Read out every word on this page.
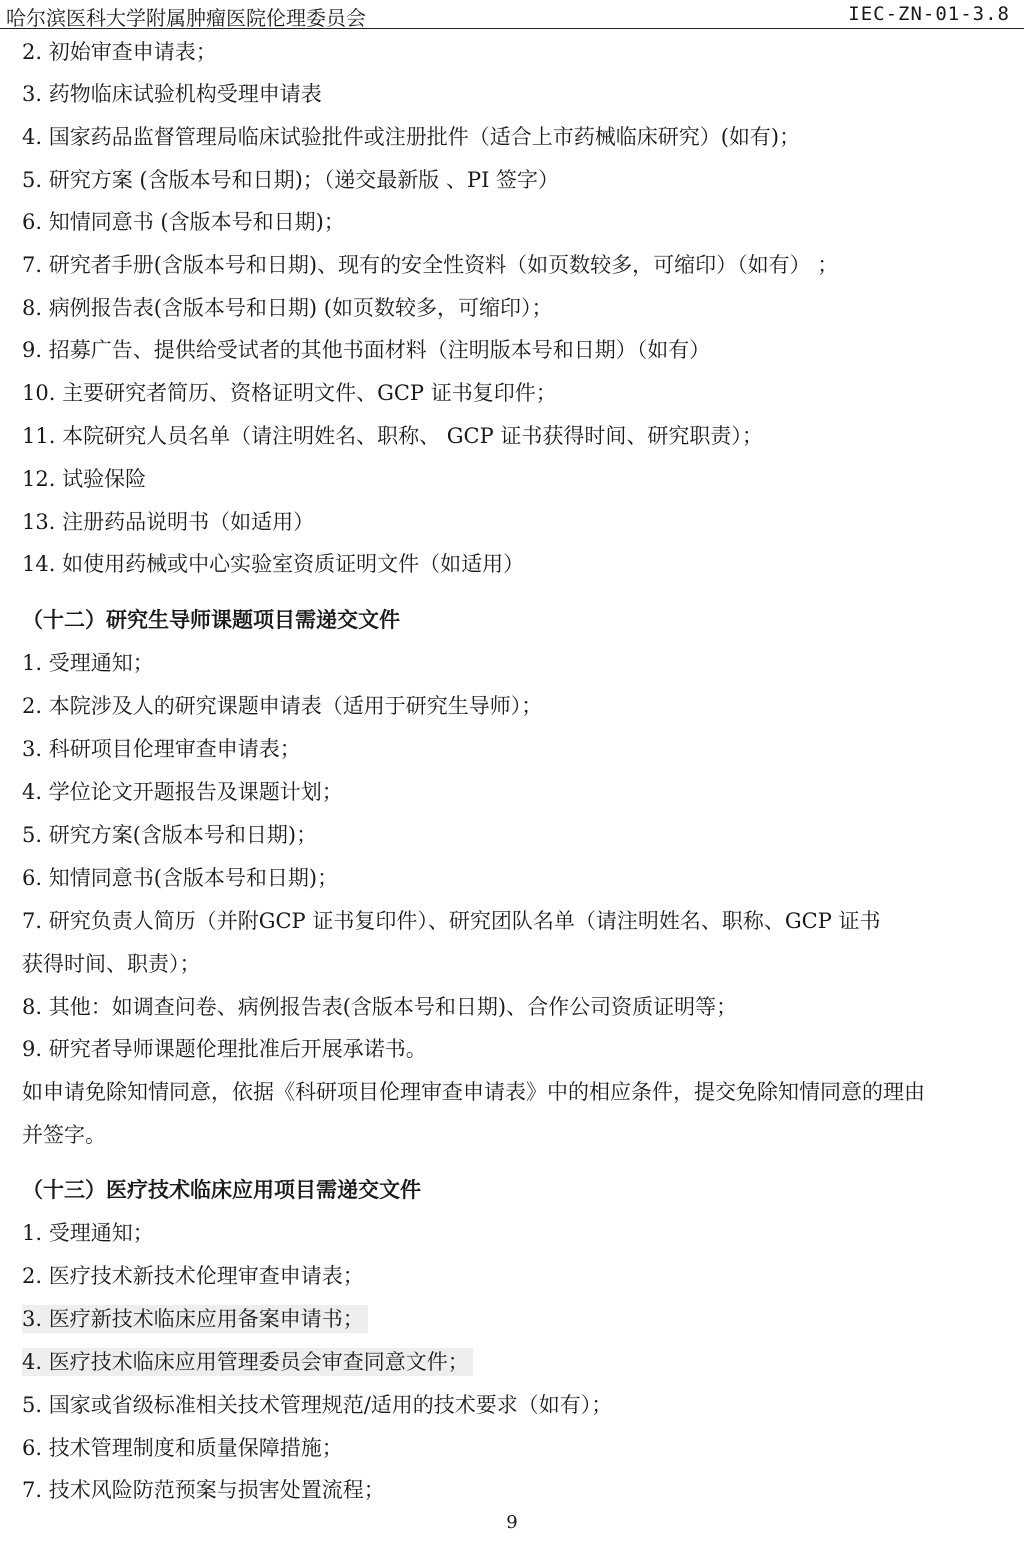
哈尔滨医科大学附属肿瘤医院伦理委员会	IEC-ZN-01-3.8
2. 初始审查申请表；
3. 药物临床试验机构受理申请表
4. 国家药品监督管理局临床试验批件或注册批件（适合上市药械临床研究）(如有)；
5. 研究方案 (含版本号和日期)；（递交最新版 、PI 签字）
6. 知情同意书 (含版本号和日期)；
7. 研究者手册(含版本号和日期)、现有的安全性资料（如页数较多，可缩印）（如有） ；
8. 病例报告表(含版本号和日期) (如页数较多，可缩印）；
9. 招募广告、提供给受试者的其他书面材料（注明版本号和日期）（如有）
10. 主要研究者简历、资格证明文件、GCP 证书复印件；
11. 本院研究人员名单（请注明姓名、职称、 GCP 证书获得时间、研究职责）；
12. 试验保险
13. 注册药品说明书（如适用）
14. 如使用药械或中心实验室资质证明文件（如适用）
（十二）研究生导师课题项目需递交文件
1. 受理通知；
2. 本院涉及人的研究课题申请表（适用于研究生导师）；
3. 科研项目伦理审查申请表；
4. 学位论文开题报告及课题计划；
5. 研究方案(含版本号和日期)；
6. 知情同意书(含版本号和日期)；
7. 研究负责人简历（并附GCP 证书复印件）、研究团队名单（请注明姓名、职称、GCP 证书
获得时间、职责）；
8. 其他：如调查问卷、病例报告表(含版本号和日期)、合作公司资质证明等；
9. 研究者导师课题伦理批准后开展承诺书。
如申请免除知情同意，依据《科研项目伦理审查申请表》中的相应条件，提交免除知情同意的理由
并签字。
（十三）医疗技术临床应用项目需递交文件
1. 受理通知；
2. 医疗技术新技术伦理审查申请表；
3. 医疗新技术临床应用备案申请书；
4. 医疗技术临床应用管理委员会审查同意文件；
5. 国家或省级标准相关技术管理规范/适用的技术要求（如有）；
6. 技术管理制度和质量保障措施；
7. 技术风险防范预案与损害处置流程；
9
